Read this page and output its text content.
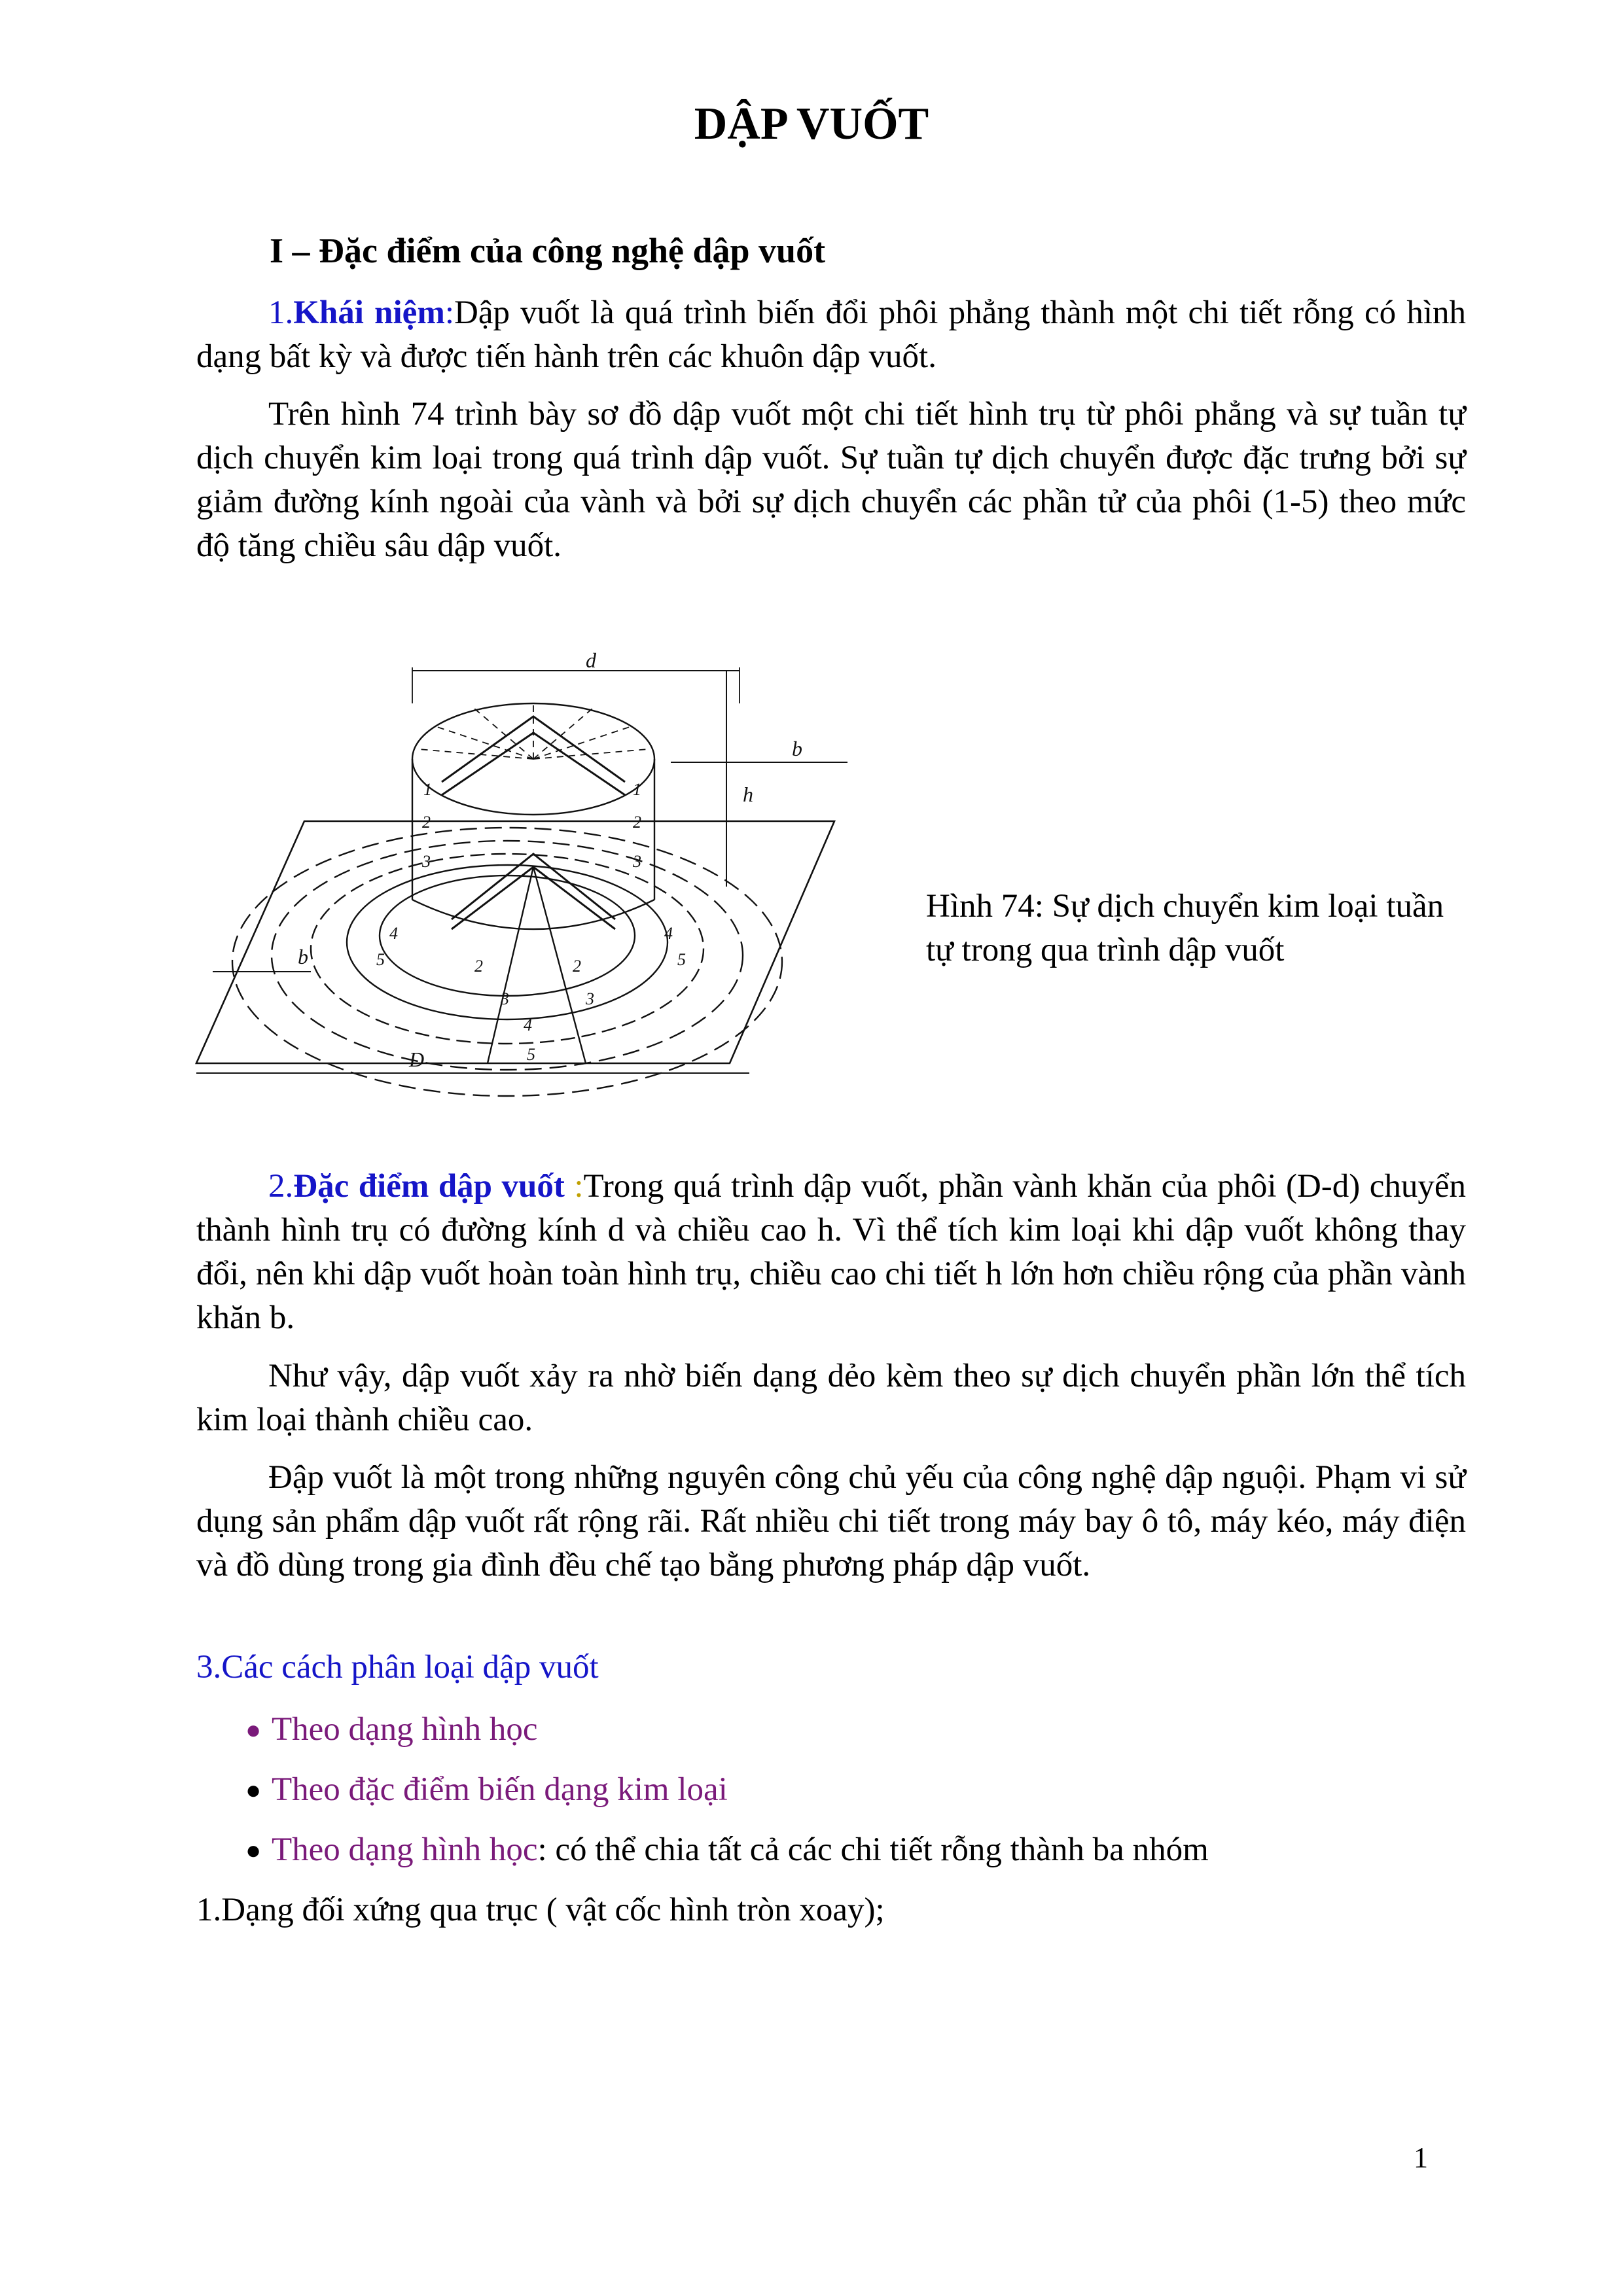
DẬP VUỐT

I – Đặc điểm của công nghệ dập vuốt

1.Khái niệm:Dập vuốt là quá trình biến đổi phôi phẳng thành một chi tiết rỗng có hình dạng bất kỳ và được tiến hành trên các khuôn dập vuốt.

Trên hình 74 trình bày sơ đồ dập vuốt một chi tiết hình trụ từ phôi phẳng và sự tuần tự dịch chuyển kim loại trong quá trình dập vuốt. Sự tuần tự dịch chuyển được đặc trưng bởi sự giảm đường kính ngoài của vành và bởi sự dịch chuyển các phần tử của phôi (1-5) theo mức độ tăng chiều sâu dập vuốt.

1
2
3
1
2
3
4
5
4
5
2
3
4
5
2
3
d
h
b
b
D

Hình 74: Sự dịch chuyển kim loại tuần tự trong qua trình dập vuốt

2.Đặc điểm dập vuốt :Trong quá trình dập vuốt, phần vành khăn của phôi (D-d) chuyển thành hình trụ có đường kính d và chiều cao h. Vì thể tích kim loại khi dập vuốt không thay đổi, nên khi dập vuốt hoàn toàn hình trụ, chiều cao chi tiết h lớn hơn chiều rộng của phần vành khăn b.

Như vậy, dập vuốt xảy ra nhờ biến dạng dẻo kèm theo sự dịch chuyển phần lớn thể tích kim loại thành chiều cao.

Đập vuốt là một trong những nguyên công chủ yếu của công nghệ dập nguội. Phạm vi sử dụng sản phẩm dập vuốt rất rộng rãi. Rất nhiều chi tiết trong máy bay ô tô, máy kéo, máy điện và đồ dùng trong gia đình đều chế tạo bằng phương pháp dập vuốt.

3.Các cách phân loại dập vuốt

● Theo dạng hình học
● Theo đặc điểm biến dạng kim loại
● Theo dạng hình học: có thể chia tất cả các chi tiết rỗng thành ba nhóm

1.Dạng đối xứng qua trục ( vật cốc hình tròn xoay);

1
